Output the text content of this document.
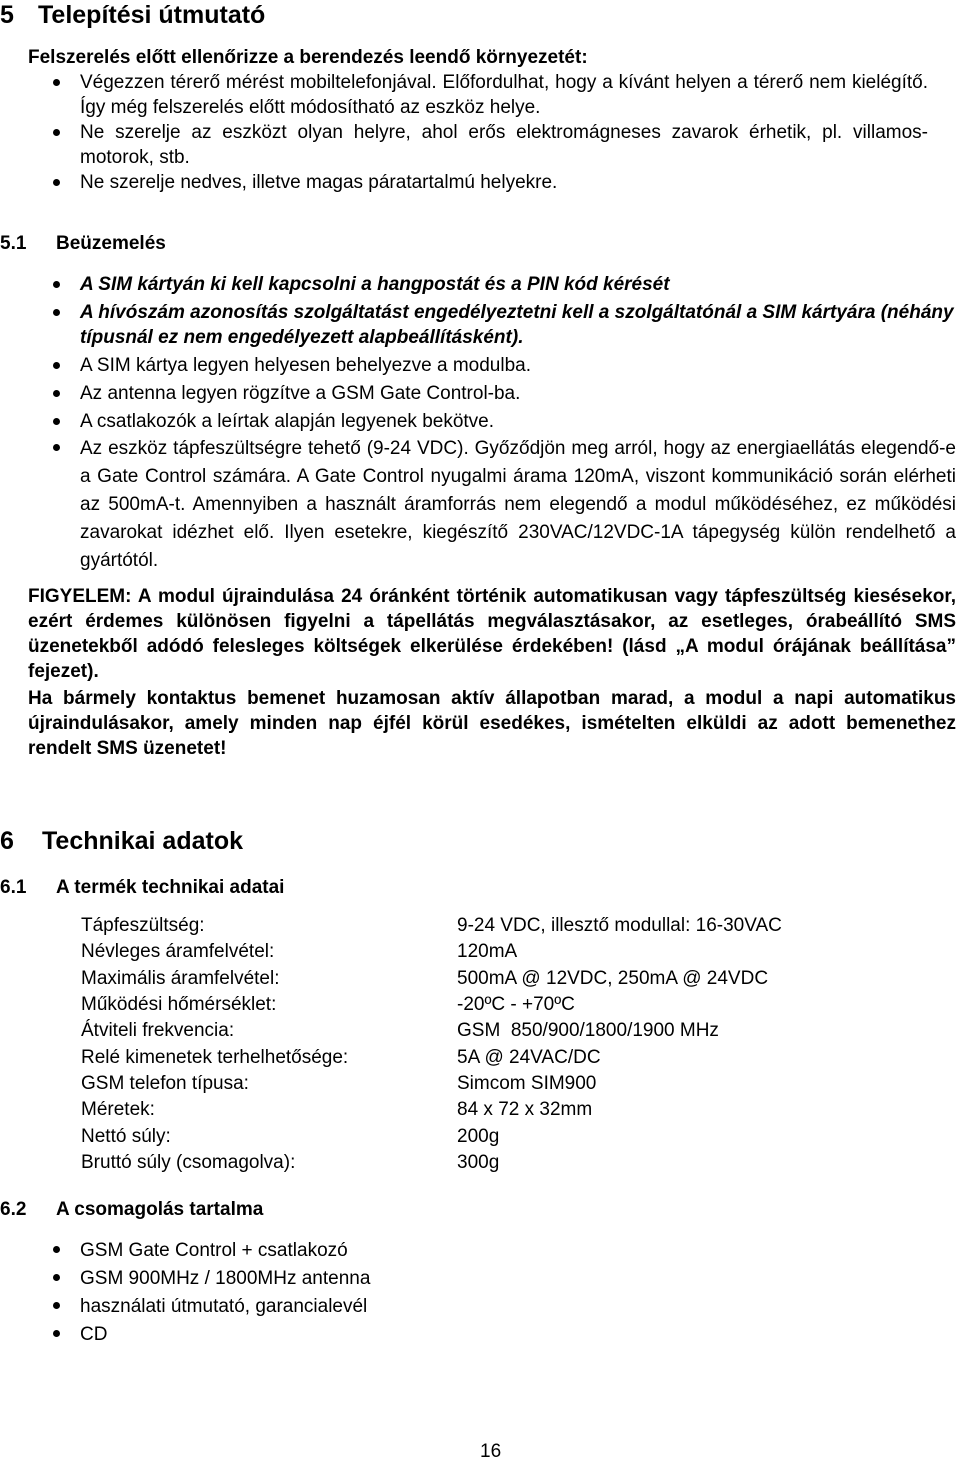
5 Telepítési útmutató

Felszerelés előtt ellenőrizze a berendezés leendő környezetét:

Végezzen térerő mérést mobiltelefonjával. Előfordulhat, hogy a kívánt helyen a térerő nem kielégítő. Így még felszerelés előtt módosítható az eszköz helye.
Ne szerelje az eszközt olyan helyre, ahol erős elektromágneses zavarok érhetik, pl. villamos-motorok, stb.
Ne szerelje nedves, illetve magas páratartalmú helyekre.
5.1 Beüzemelés
A SIM kártyán ki kell kapcsolni a hangpostát és a PIN kód kérését
A hívószám azonosítás szolgáltatást engedélyeztetni kell a szolgáltatónál a SIM kártyára (néhány típusnál ez nem engedélyezett alapbeállításként).
A SIM kártya legyen helyesen behelyezve a modulba.
Az antenna legyen rögzítve a GSM Gate Control-ba.
A csatlakozók a leírtak alapján legyenek bekötve.
Az eszköz tápfeszültségre tehető (9-24 VDC). Győződjön meg arról, hogy az energiaellátás elegendő-e a Gate Control számára. A Gate Control nyugalmi árama 120mA, viszont kommunikáció során elérheti az 500mA-t. Amennyiben a használt áramforrás nem elegendő a modul működéséhez, ez működési zavarokat idézhet elő. Ilyen esetekre, kiegészítő 230VAC/12VDC-1A tápegység külön rendelhető a gyártótól.

FIGYELEM: A modul újraindulása 24 óránként történik automatikusan vagy tápfeszültség kiesésekor, ezért érdemes különösen figyelni a tápellátás megválasztásakor, az esetleges, órabeállító SMS üzenetekből adódó felesleges költségek elkerülése érdekében! (lásd „A modul órájának beállítása” fejezet).

Ha bármely kontaktus bemenet huzamosan aktív állapotban marad, a modul a napi automatikus újraindulásakor, amely minden nap éjfél körül esedékes, ismételten elküldi az adott bemenethez rendelt SMS üzenetet!

6 Technikai adatok
6.1 A termék technikai adatai
Tápfeszültség:	9-24 VDC, illesztő modullal: 16-30VAC
Névleges áramfelvétel:	120mA
Maximális áramfelvétel:	500mA @ 12VDC, 250mA @ 24VDC
Működési hőmérséklet:	-20ºC - +70ºC
Átviteli frekvencia:	GSM  850/900/1800/1900 MHz
Relé kimenetek terhelhetősége:	5A @ 24VAC/DC
GSM telefon típusa:	Simcom SIM900
Méretek:	84 x 72 x 32mm
Nettó súly:	200g
Bruttó súly (csomagolva):	300g
6.2 A csomagolás tartalma
GSM Gate Control + csatlakozó
GSM 900MHz / 1800MHz antenna
használati útmutató, garancialevél
CD
16
